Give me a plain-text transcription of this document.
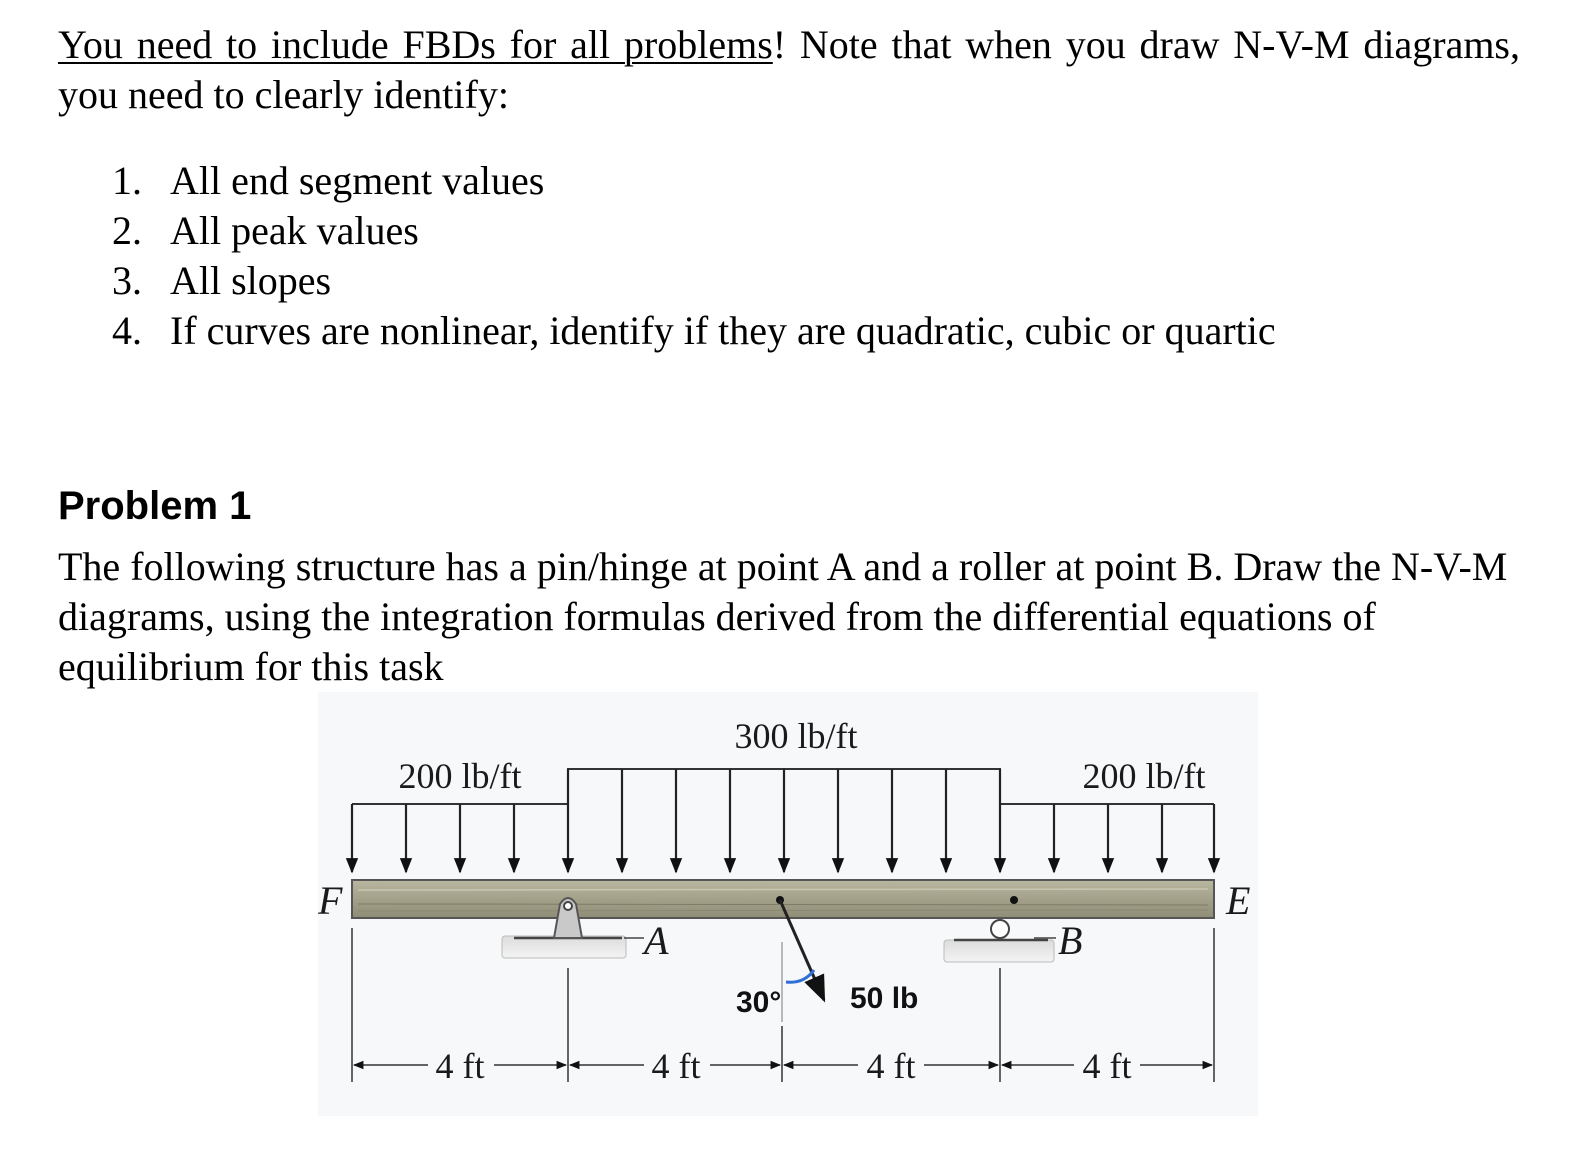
You need to include FBDs for all problems! Note that when you draw N-V-M diagrams, you need to clearly identify:
1. All end segment values
2. All peak values
3. All slopes
4. If curves are nonlinear, identify if they are quadratic, cubic or quartic
Problem 1
The following structure has a pin/hinge at point A and a roller at point B. Draw the N-V-M diagrams, using the integration formulas derived from the differential equations of equilibrium for this task
200 lb/ft
300 lb/ft
200 lb/ft
F	E
A	B
30° 50 lb
4 ft	4 ft	4 ft	4 ft
